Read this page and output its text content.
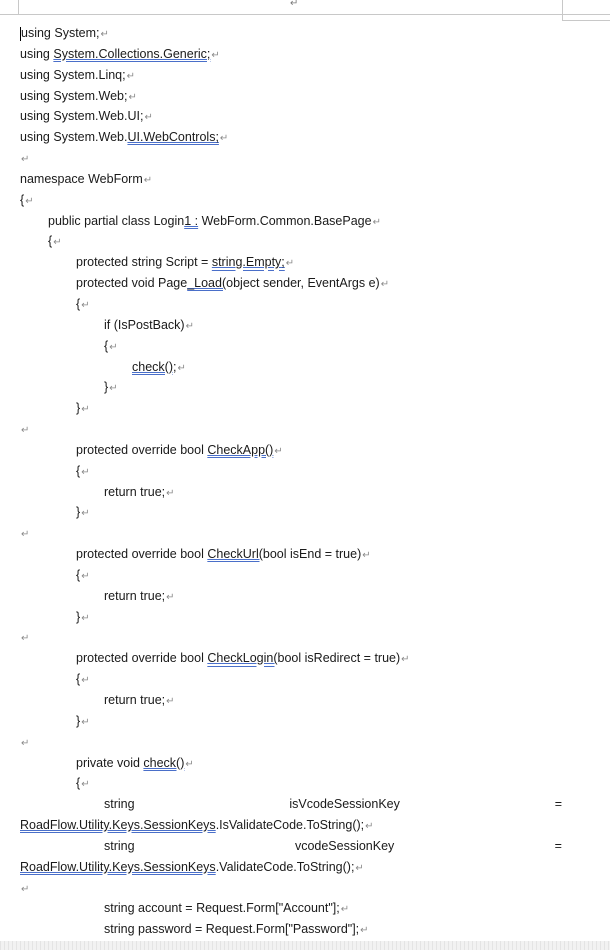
↵
using System;↵
using System.Collections.Generic;↵
using System.Linq;↵
using System.Web;↵
using System.Web.UI;↵
using System.Web.UI.WebControls;↵
↵
namespace WebForm↵
{↵
public partial class Login1 : WebForm.Common.BasePage↵
{↵
protected string Script = string.Empty;↵
protected void Page_Load(object sender, EventArgs e)↵
{↵
if (IsPostBack)↵
{↵
check();↵
}↵
}↵
↵
protected override bool CheckApp()↵
{↵
return true;↵
}↵
↵
protected override bool CheckUrl(bool isEnd = true)↵
{↵
return true;↵
}↵
↵
protected override bool CheckLogin(bool isRedirect = true)↵
{↵
return true;↵
}↵
↵
private void check()↵
{↵
string	isVcodeSessionKey	=
RoadFlow.Utility.Keys.SessionKeys.IsValidateCode.ToString();↵
string	vcodeSessionKey	=
RoadFlow.Utility.Keys.SessionKeys.ValidateCode.ToString();↵
↵
string account = Request.Form["Account"];↵
string password = Request.Form["Password"];↵
